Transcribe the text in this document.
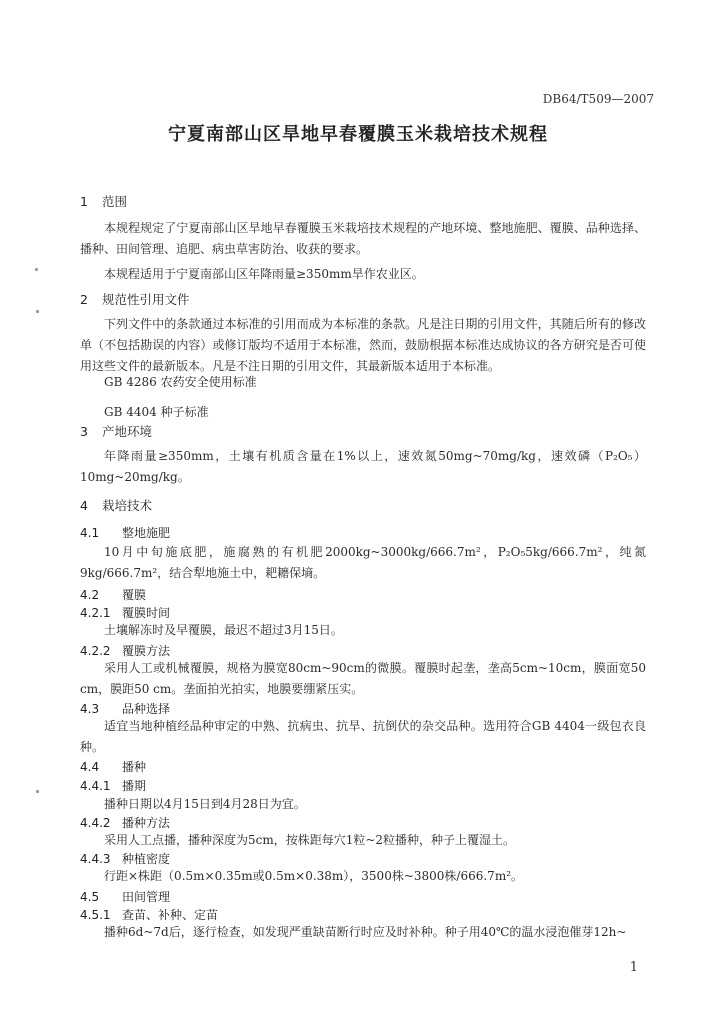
DB64/T509—2007
宁夏南部山区旱地早春覆膜玉米栽培技术规程
1 范围
本规程规定了宁夏南部山区旱地早春覆膜玉米栽培技术规程的产地环境、整地施肥、覆膜、品种选择、播种、田间管理、追肥、病虫草害防治、收获的要求。
本规程适用于宁夏南部山区年降雨量≥350mm旱作农业区。
2 规范性引用文件
下列文件中的条款通过本标准的引用而成为本标准的条款。凡是注日期的引用文件，其随后所有的修改单（不包括勘误的内容）或修订版均不适用于本标准，然而，鼓励根据本标准达成协议的各方研究是否可使用这些文件的最新版本。凡是不注日期的引用文件，其最新版本适用于本标准。
GB 4286 农药安全使用标准
GB 4404 种子标准
3 产地环境
年降雨量≥350mm，土壤有机质含量在1%以上，速效氮50mg~70mg/kg，速效磷（P₂O₅）10mg~20mg/kg。
4 栽培技术
4.1 整地施肥
10月中旬施底肥，施腐熟的有机肥2000kg~3000kg/666.7m²，P₂O₅5kg/666.7m²，纯氮9kg/666.7m²，结合犁地施土中，耙耱保墒。
4.2 覆膜
4.2.1 覆膜时间
土壤解冻时及早覆膜，最迟不超过3月15日。
4.2.2 覆膜方法
采用人工或机械覆膜，规格为膜宽80cm~90cm的微膜。覆膜时起垄，垄高5cm~10cm，膜面宽50 cm，膜距50 cm。垄面拍光拍实，地膜要绷紧压实。
4.3 品种选择
适宜当地种植经品种审定的中熟、抗病虫、抗旱、抗倒伏的杂交品种。选用符合GB 4404一级包衣良种。
4.4 播种
4.4.1 播期
播种日期以4月15日到4月28日为宜。
4.4.2 播种方法
采用人工点播，播种深度为5cm，按株距每穴1粒~2粒播种，种子上覆湿土。
4.4.3 种植密度
行距×株距（0.5m×0.35m或0.5m×0.38m），3500株~3800株/666.7m²。
4.5 田间管理
4.5.1 查苗、补种、定苗
播种6d~7d后，逐行检查，如发现严重缺苗断行时应及时补种。种子用40℃的温水浸泡催芽12h~
1
